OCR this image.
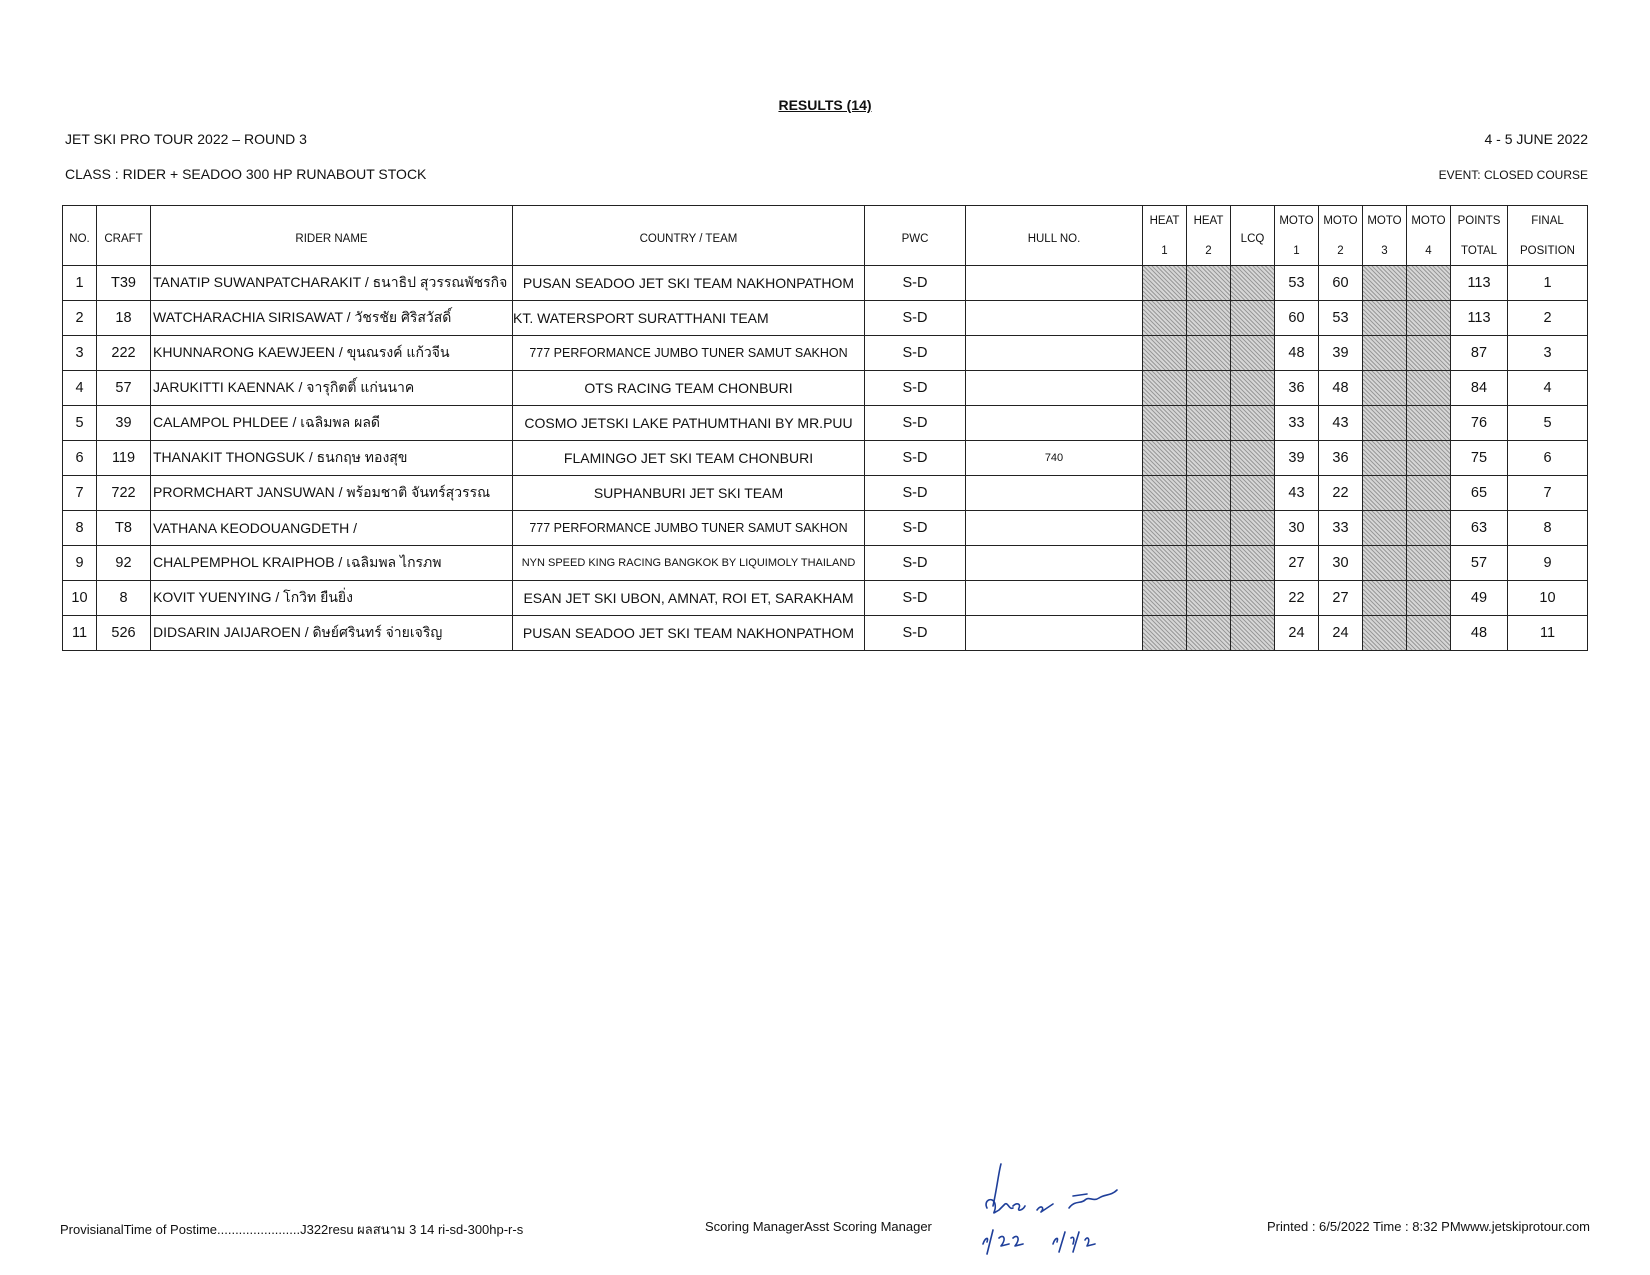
RESULTS (14)
JET SKI PRO TOUR 2022 – ROUND 3	4 - 5 JUNE 2022
CLASS : RIDER + SEADOO 300 HP RUNABOUT STOCK	EVENT: CLOSED COURSE
NO.	CRAFT	RIDER NAME	COUNTRY / TEAM	PWC	HULL NO.	HEAT	HEAT	LCQ	MOTO	MOTO	MOTO	MOTO	POINTS	FINAL
						1	2		1	2	3	4	TOTAL	POSITION
1	T39	TANATIP SUWANPATCHARAKIT / ธนาธิป สุวรรณพัชรกิจ	PUSAN SEADOO JET SKI TEAM NAKHONPATHOM	S-D					53	60			113	1
2	18	WATCHARACHIA SIRISAWAT / วัชรชัย ศิริสวัสดิ์	KT. WATERSPORT SURATTHANI TEAM	S-D					60	53			113	2
3	222	KHUNNARONG KAEWJEEN / ขุนณรงค์ แก้วจีน	777 PERFORMANCE JUMBO TUNER SAMUT SAKHON	S-D					48	39			87	3
4	57	JARUKITTI KAENNAK / จารุกิตติ์ แก่นนาค	OTS RACING TEAM CHONBURI	S-D					36	48			84	4
5	39	CALAMPOL PHLDEE / เฉลิมพล ผลดี	COSMO JETSKI LAKE PATHUMTHANI BY MR.PUU	S-D					33	43			76	5
6	119	THANAKIT THONGSUK / ธนกฤษ ทองสุข	FLAMINGO JET SKI TEAM CHONBURI	S-D	740				39	36			75	6
7	722	PRORMCHART JANSUWAN / พร้อมชาติ จันทร์สุวรรณ	SUPHANBURI JET SKI TEAM	S-D					43	22			65	7
8	T8	VATHANA KEODOUANGDETH /	777 PERFORMANCE JUMBO TUNER SAMUT SAKHON	S-D					30	33			63	8
9	92	CHALPEMPHOL KRAIPHOB / เฉลิมพล ไกรภพ	NYN SPEED KING RACING BANGKOK BY LIQUIMOLY THAILAND	S-D					27	30			57	9
10	8	KOVIT YUENYING / โกวิท ยืนยิ่ง	ESAN JET SKI UBON, AMNAT, ROI ET, SARAKHAM	S-D					22	27			49	10
11	526	DIDSARIN JAIJAROEN / ดิษย์ศรินทร์ จ่ายเจริญ	PUSAN SEADOO JET SKI TEAM NAKHONPATHOM	S-D					24	24			48	11
ProvisianalTime of Postime.......................J322resu ผลสนาม 3 14 ri-sd-300hp-r-s	Scoring ManagerAsst Scoring Manager	Printed : 6/5/2022 Time : 8:32 PMwww.jetskiprotour.com
